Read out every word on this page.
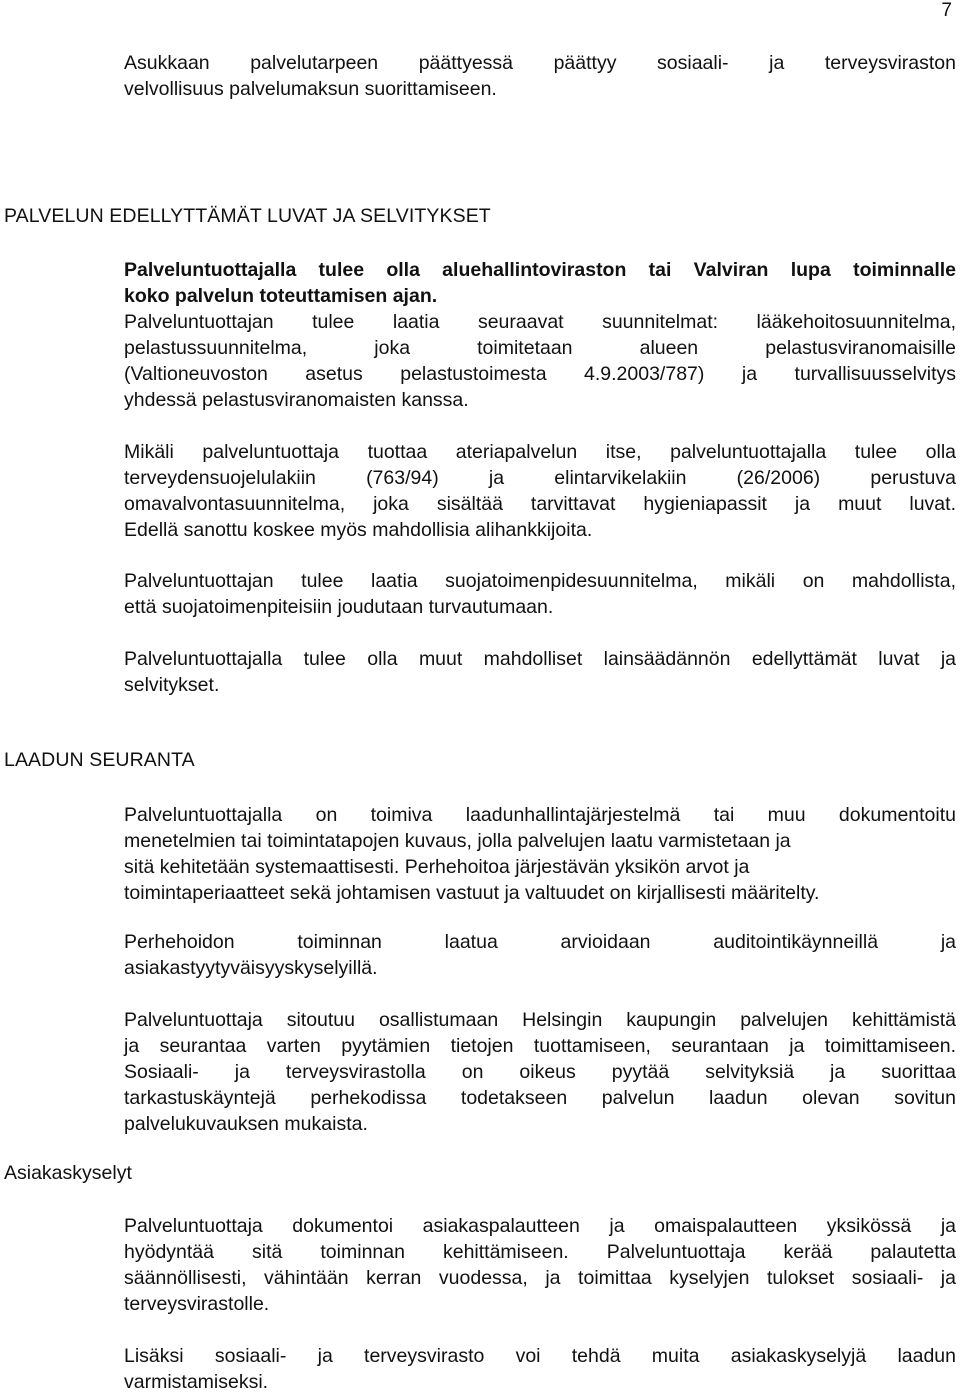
7

Asukkaan palvelutarpeen päättyessä päättyy sosiaali- ja terveysviraston
velvollisuus palvelumaksun suorittamiseen.

PALVELUN EDELLYTTÄMÄT LUVAT JA SELVITYKSET

Palveluntuottajalla tulee olla aluehallintoviraston tai Valviran lupa toiminnalle
koko palvelun toteuttamisen ajan.

Palveluntuottajan tulee laatia seuraavat suunnitelmat: lääkehoitosuunnitelma,
pelastussuunnitelma, joka toimitetaan alueen pelastusviranomaisille
(Valtioneuvoston asetus pelastustoimesta 4.9.2003/787) ja turvallisuusselvitys
yhdessä pelastusviranomaisten kanssa.

Mikäli palveluntuottaja tuottaa ateriapalvelun itse, palveluntuottajalla tulee olla
terveydensuojelulakiin (763/94) ja elintarvikelakiin (26/2006) perustuva
omavalvontasuunnitelma, joka sisältää tarvittavat hygieniapassit ja muut luvat.
Edellä sanottu koskee myös mahdollisia alihankkijoita.

Palveluntuottajan tulee laatia suojatoimenpidesuunnitelma, mikäli on mahdollista,
että suojatoimenpiteisiin joudutaan turvautumaan.

Palveluntuottajalla tulee olla muut mahdolliset lainsäädännön edellyttämät luvat ja
selvitykset.

LAADUN SEURANTA

Palveluntuottajalla on toimiva laadunhallintajärjestelmä tai muu dokumentoitu
menetelmien tai toimintatapojen kuvaus, jolla palvelujen laatu varmistetaan ja
sitä kehitetään systemaattisesti. Perhehoitoa järjestävän yksikön arvot ja
toimintaperiaatteet sekä johtamisen vastuut ja valtuudet on kirjallisesti määritelty.

Perhehoidon toiminnan laatua arvioidaan auditointikäynneillä ja
asiakastyytyväisyyskyselyillä.

Palveluntuottaja sitoutuu osallistumaan Helsingin kaupungin palvelujen kehittämistä
ja seurantaa varten pyytämien tietojen tuottamiseen, seurantaan ja toimittamiseen.
Sosiaali- ja terveysvirastolla on oikeus pyytää selvityksiä ja suorittaa
tarkastuskäyntejä perhekodissa todetakseen palvelun laadun olevan sovitun
palvelukuvauksen mukaista.

Asiakaskyselyt

Palveluntuottaja dokumentoi asiakaspalautteen ja omaispalautteen yksikössä ja
hyödyntää sitä toiminnan kehittämiseen. Palveluntuottaja kerää palautetta
säännöllisesti, vähintään kerran vuodessa, ja toimittaa kyselyjen tulokset sosiaali- ja
terveysvirastolle.

Lisäksi sosiaali- ja terveysvirasto voi tehdä muita asiakaskyselyjä laadun
varmistamiseksi.
